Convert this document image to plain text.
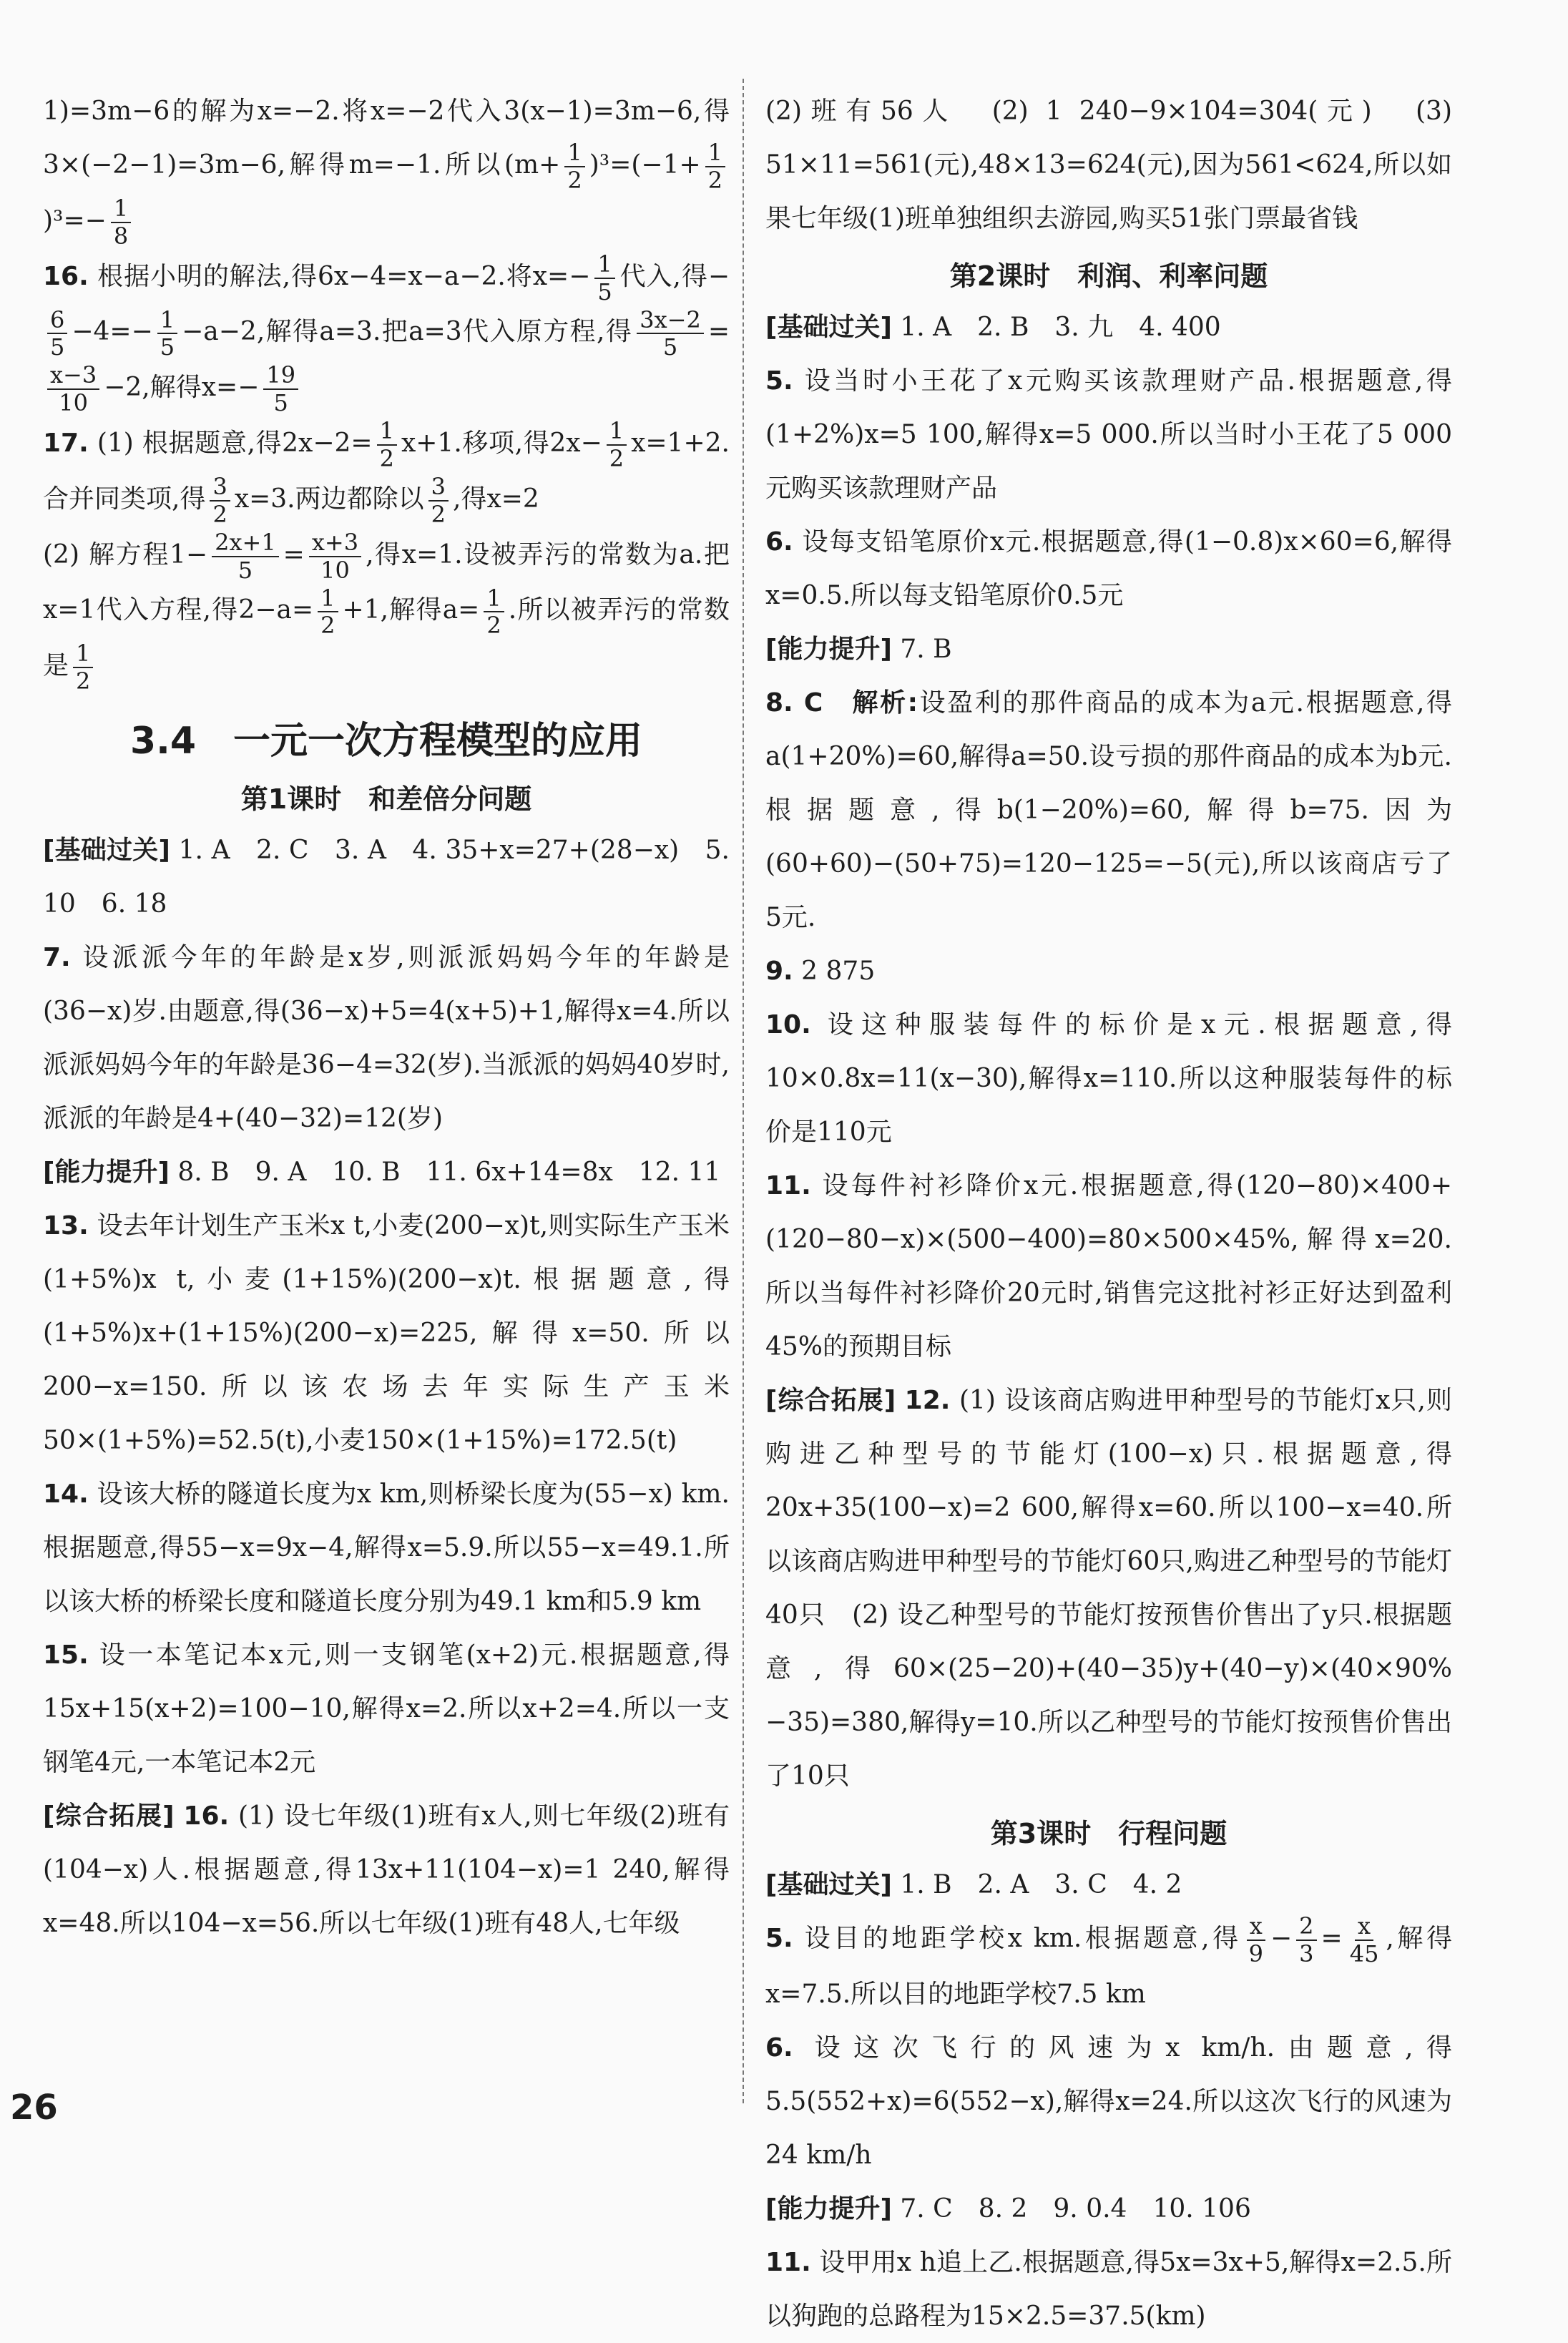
1)=3m−6的解为x=−2.将x=−2代入3(x−1)=3m−6,得3×(−2−1)=3m−6,解得m=−1.所以$(m+ \frac{1}{2} )^3=(-1+ \frac{1}{2}$
)$^3=- \frac{1}{8}$

16. 根据小明的解法,得6x−4=x−a−2.将$x=- \frac{1}{5}$ 代入,得−
$\frac{6}{5} -4=- \frac{1}{5} -a-2$,解得a=3.把a=3代入原方程,得 $\frac{3x-2}{5}$ =
$\frac{x-3}{10} -2$,解得$x=- \frac{19}{5}$

17. (1) 根据题意,得$2x-2= \frac{1}{2} x+1$.移项,得$2x- \frac{1}{2} x=1+2$.合并同类项,得 $\frac{3}{2} x=3$.两边都除以 $\frac{3}{2}$ ,得x=2

(2) 解方程$1- \frac{2x+1}{5} = \frac{x+3}{10}$ ,得x=1.设被弄污的常数为a.把x=1代入方程,得$2-a= \frac{1}{2} +1$,解得$a= \frac{1}{2}$ .所以被弄污的常数是 $\frac{1}{2}$

3.4　一元一次方程模型的应用
第1课时　和差倍分问题

[基础过关] 1. A　2. C　3. A　4. 35+x=27+(28−x)　5. 10　6. 18

7. 设派派今年的年龄是x岁,则派派妈妈今年的年龄是(36−x)岁.由题意,得(36−x)+5=4(x+5)+1,解得x=4.所以派派妈妈今年的年龄是36−4=32(岁).当派派的妈妈40岁时,派派的年龄是4+(40−32)=12(岁)

[能力提升] 8. B　9. A　10. B　11. 6x+14=8x　12. 11

13. 设去年计划生产玉米x t,小麦(200−x)t,则实际生产玉米(1+5%)x t,小麦(1+15%)(200−x)t.根据题意,得(1+5%)x+(1+15%)(200−x)=225,解得x=50.所以200−x=150.所以该农场去年实际生产玉米50×(1+5%)=52.5(t),小麦150×(1+15%)=172.5(t)

14. 设该大桥的隧道长度为x km,则桥梁长度为(55−x) km.根据题意,得55−x=9x−4,解得x=5.9.所以55−x=49.1.所以该大桥的桥梁长度和隧道长度分别为49.1 km和5.9 km

15. 设一本笔记本x元,则一支钢笔(x+2)元.根据题意,得15x+15(x+2)=100−10,解得x=2.所以x+2=4.所以一支钢笔4元,一本笔记本2元

[综合拓展] 16. (1) 设七年级(1)班有x人,则七年级(2)班有(104−x)人.根据题意,得13x+11(104−x)=1 240,解得x=48.所以104−x=56.所以七年级(1)班有48人,七年级

(2)班有56人　(2) 1 240−9×104=304(元)　(3) 51×11=561(元),48×13=624(元),因为561<624,所以如果七年级(1)班单独组织去游园,购买51张门票最省钱

第2课时　利润、利率问题

[基础过关] 1. A　2. B　3. 九　4. 400

5. 设当时小王花了x元购买该款理财产品.根据题意,得(1+2%)x=5 100,解得x=5 000.所以当时小王花了5 000元购买该款理财产品

6. 设每支铅笔原价x元.根据题意,得(1−0.8)x×60=6,解得x=0.5.所以每支铅笔原价0.5元

[能力提升] 7. B

8. C　解析:设盈利的那件商品的成本为a元.根据题意,得a(1+20%)=60,解得a=50.设亏损的那件商品的成本为b元.根据题意,得b(1−20%)=60,解得b=75.因为(60+60)−(50+75)=120−125=−5(元),所以该商店亏了5元.

9. 2 875

10. 设这种服装每件的标价是x元.根据题意,得10×0.8x=11(x−30),解得x=110.所以这种服装每件的标价是110元

11. 设每件衬衫降价x元.根据题意,得(120−80)×400+(120−80−x)×(500−400)=80×500×45%,解得x=20.所以当每件衬衫降价20元时,销售完这批衬衫正好达到盈利45%的预期目标

[综合拓展] 12. (1) 设该商店购进甲种型号的节能灯x只,则购进乙种型号的节能灯(100−x)只.根据题意,得20x+35(100−x)=2 600,解得x=60.所以100−x=40.所以该商店购进甲种型号的节能灯60只,购进乙种型号的节能灯40只　(2) 设乙种型号的节能灯按预售价售出了y只.根据题意,得60×(25−20)+(40−35)y+(40−y)×(40×90%−35)=380,解得y=10.所以乙种型号的节能灯按预售价售出了10只

第3课时　行程问题

[基础过关] 1. B　2. A　3. C　4. 2

5. 设目的地距学校x km.根据题意,得 $\frac{x}{9} - \frac{2}{3} = \frac{x}{45}$ ,解得x=7.5.所以目的地距学校7.5 km

6. 设这次飞行的风速为x km/h.由题意,得5.5(552+x)=6(552−x),解得x=24.所以这次飞行的风速为24 km/h

[能力提升] 7. C　8. 2　9. 0.4　10. 106

11. 设甲用x h追上乙.根据题意,得5x=3x+5,解得x=2.5.所以狗跑的总路程为15×2.5=37.5(km)

26
